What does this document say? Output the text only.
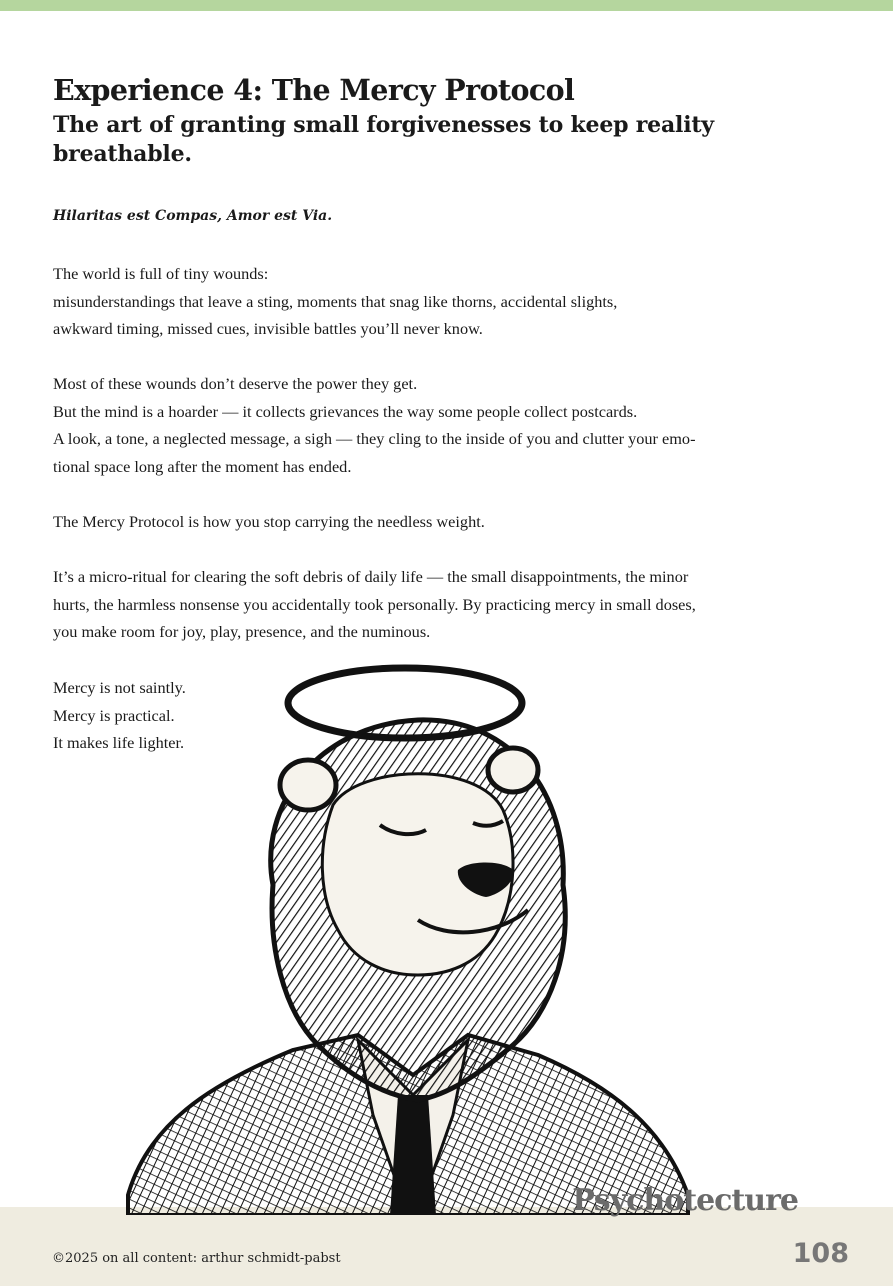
Experience 4: The Mercy Protocol
The art of granting small forgivenesses to keep reality
breathable.
Hilaritas est Compas, Amor est Via.
The world is full of tiny wounds:
misunderstandings that leave a sting, moments that snag like thorns, accidental slights,
awkward timing, missed cues, invisible battles you’ll never know.
Most of these wounds don’t deserve the power they get.
But the mind is a hoarder — it collects grievances the way some people collect postcards.
A look, a tone, a neglected message, a sigh — they cling to the inside of you and clutter your emo-
tional space long after the moment has ended.
The Mercy Protocol is how you stop carrying the needless weight.
It’s a micro-ritual for clearing the soft debris of daily life — the small disappointments, the minor
hurts, the harmless nonsense you accidentally took personally. By practicing mercy in small doses,
you make room for joy, play, presence, and the numinous.
Mercy is not saintly.
Mercy is practical.
It makes life lighter.
Psychotecture
©2025 on all content: arthur schmidt-pabst	108
